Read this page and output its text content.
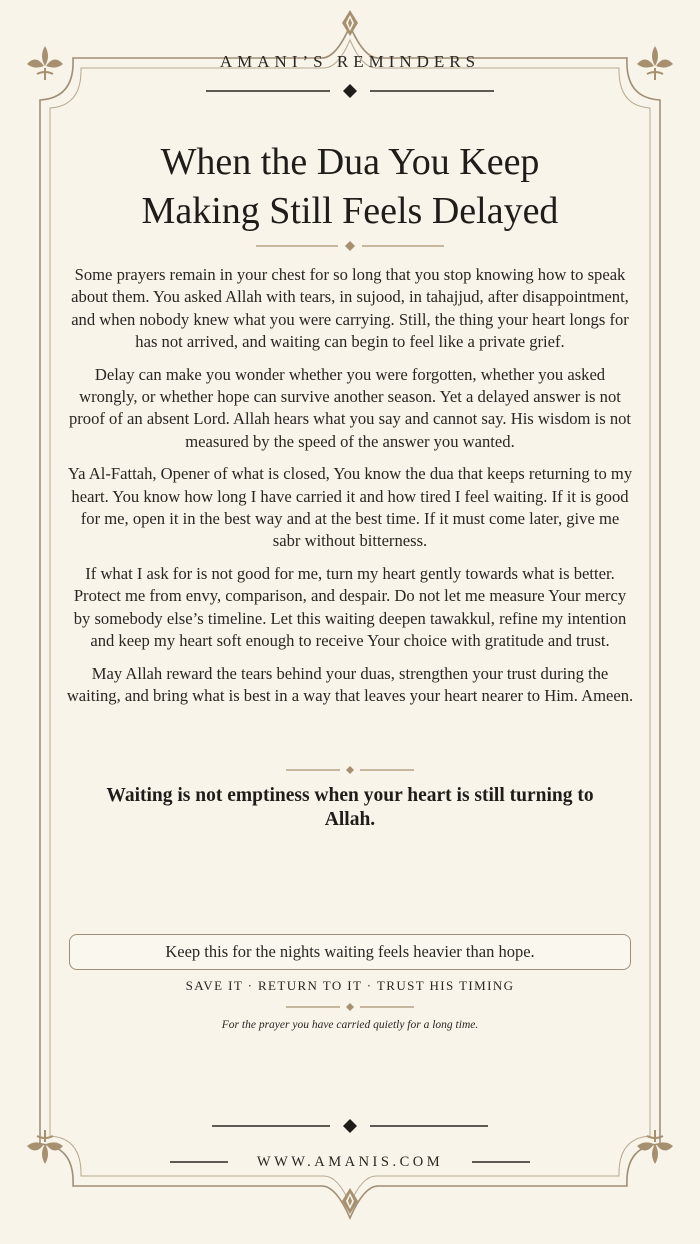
AMANI’S REMINDERS
When the Dua You Keep
Making Still Feels Delayed

Some prayers remain in your chest for so long that you stop knowing how to speak about them. You asked Allah with tears, in sujood, in tahajjud, after disappointment, and when nobody knew what you were carrying. Still, the thing your heart longs for has not arrived, and waiting can begin to feel like a private grief.

Delay can make you wonder whether you were forgotten, whether you asked wrongly, or whether hope can survive another season. Yet a delayed answer is not proof of an absent Lord. Allah hears what you say and cannot say. His wisdom is not measured by the speed of the answer you wanted.

Ya Al-Fattah, Opener of what is closed, You know the dua that keeps returning to my heart. You know how long I have carried it and how tired I feel waiting. If it is good for me, open it in the best way and at the best time. If it must come later, give me sabr without bitterness.

If what I ask for is not good for me, turn my heart gently towards what is better. Protect me from envy, comparison, and despair. Do not let me measure Your mercy by somebody else’s timeline. Let this waiting deepen tawakkul, refine my intention and keep my heart soft enough to receive Your choice with gratitude and trust.

May Allah reward the tears behind your duas, strengthen your trust during the waiting, and bring what is best in a way that leaves your heart nearer to Him. Ameen.

Waiting is not emptiness when your heart is still turning to Allah.
Keep this for the nights waiting feels heavier than hope.
SAVE IT · RETURN TO IT · TRUST HIS TIMING
For the prayer you have carried quietly for a long time.
WWW.AMANIS.COM
